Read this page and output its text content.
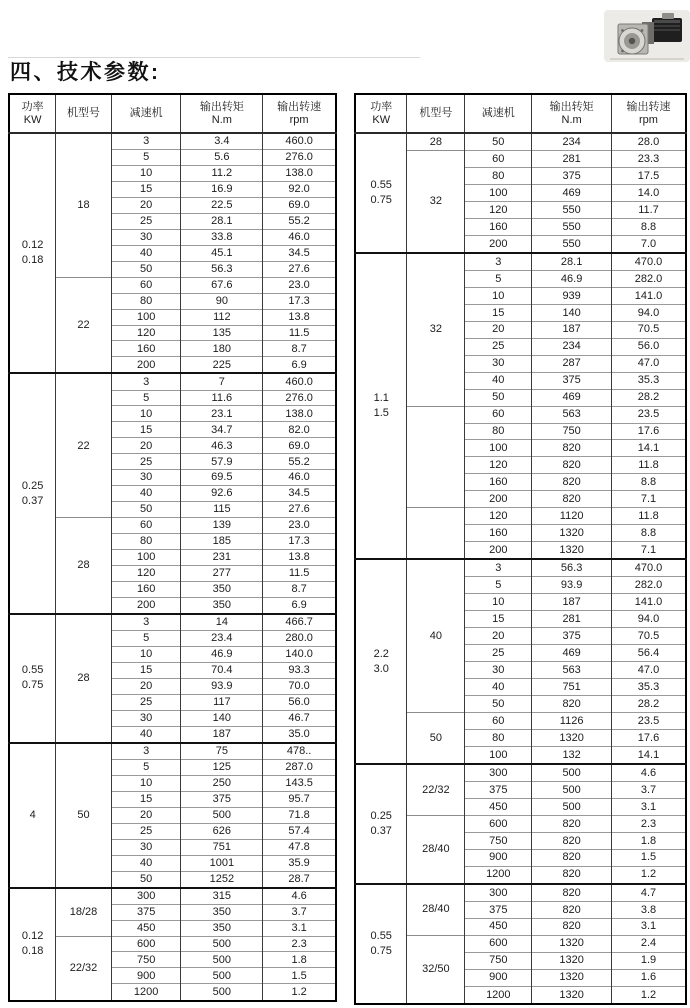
四、技术参数:
功率
KW	机型号	减速机	输出转矩
N.m	输出转速
rpm

0.12
0.18	18	3	3.4	460.0
		5	5.6	276.0
		10	11.2	138.0
		15	16.9	92.0
		20	22.5	69.0
		25	28.1	55.2
		30	33.8	46.0
		40	45.1	34.5
		50	56.3	27.6
	22	60	67.6	23.0
		80	90	17.3
		100	112	13.8
		120	135	11.5
		160	180	8.7
		200	225	6.9

0.25
0.37	22	3	7	460.0
		5	11.6	276.0
		10	23.1	138.0
		15	34.7	82.0
		20	46.3	69.0
		25	57.9	55.2
		30	69.5	46.0
		40	92.6	34.5
		50	115	27.6
	28	60	139	23.0
		80	185	17.3
		100	231	13.8
		120	277	11.5
		160	350	8.7
		200	350	6.9

0.55
0.75	28	3	14	466.7
		5	23.4	280.0
		10	46.9	140.0
		15	70.4	93.3
		20	93.9	70.0
		25	117	56.0
		30	140	46.7
		40	187	35.0

4	50	3	75	478..
		5	125	287.0
		10	250	143.5
		15	375	95.7
		20	500	71.8
		25	626	57.4
		30	751	47.8
		40	1001	35.9
		50	1252	28.7

0.12
0.18	18/28	300	315	4.6
		375	350	3.7
		450	350	3.1
	22/32	600	500	2.3
		750	500	1.8
		900	500	1.5
		1200	500	1.2
功率
KW	机型号	减速机	输出转矩
N.m	输出转速
rpm

0.55
0.75	28	50	234	28.0
	32	60	281	23.3
		80	375	17.5
		100	469	14.0
		120	550	11.7
		160	550	8.8
		200	550	7.0

1.1
1.5	32	3	28.1	470.0
		5	46.9	282.0
		10	939	141.0
		15	140	94.0
		20	187	70.5
		25	234	56.0
		30	287	47.0
		40	375	35.3
		50	469	28.2
		60	563	23.5
		80	750	17.6
		100	820	14.1
		120	820	11.8
		160	820	8.8
		200	820	7.1
		120	1120	11.8
		160	1320	8.8
		200	1320	7.1

2.2
3.0	40	3	56.3	470.0
		5	93.9	282.0
		10	187	141.0
		15	281	94.0
		20	375	70.5
		25	469	56.4
		30	563	47.0
		40	751	35.3
		50	820	28.2
	50	60	1126	23.5
		80	1320	17.6
		100	132	14.1

0.25
0.37	22/32	300	500	4.6
		375	500	3.7
		450	500	3.1
	28/40	600	820	2.3
		750	820	1.8
		900	820	1.5
		1200	820	1.2

0.55
0.75	28/40	300	820	4.7
		375	820	3.8
		450	820	3.1
	32/50	600	1320	2.4
		750	1320	1.9
		900	1320	1.6
		1200	1320	1.2
